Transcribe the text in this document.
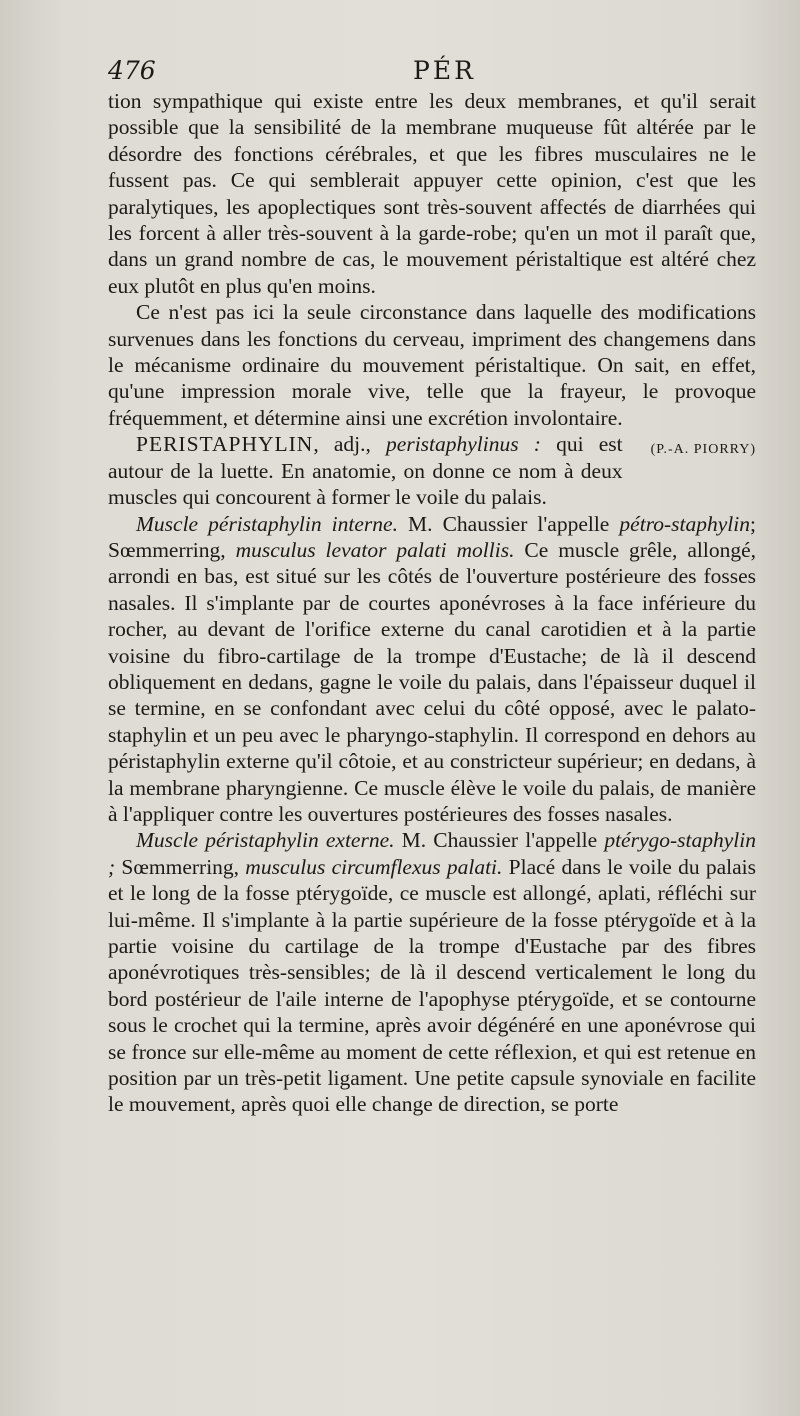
476	PÉR

tion sympathique qui existe entre les deux membranes, et qu'il serait possible que la sensibilité de la membrane muqueuse fût altérée par le désordre des fonctions cérébrales, et que les fibres musculaires ne le fussent pas. Ce qui semblerait appuyer cette opinion, c'est que les paralytiques, les apoplectiques sont très-souvent affectés de diarrhées qui les forcent à aller très-souvent à la garde-robe; qu'en un mot il paraît que, dans un grand nombre de cas, le mouvement péristaltique est altéré chez eux plutôt en plus qu'en moins.

Ce n'est pas ici la seule circonstance dans laquelle des modifications survenues dans les fonctions du cerveau, impriment des changemens dans le mécanisme ordinaire du mouvement péristaltique. On sait, en effet, qu'une impression morale vive, telle que la frayeur, le provoque fréquemment, et détermine ainsi une excrétion involontaire.
(P.-A. PIORRY)

PERISTAPHYLIN, adj., peristaphylinus : qui est autour de la luette. En anatomie, on donne ce nom à deux muscles qui concourent à former le voile du palais.

Muscle péristaphylin interne. M. Chaussier l'appelle pétro-staphylin; Sœmmerring, musculus levator palati mollis. Ce muscle grêle, allongé, arrondi en bas, est situé sur les côtés de l'ouverture postérieure des fosses nasales. Il s'implante par de courtes aponévroses à la face inférieure du rocher, au devant de l'orifice externe du canal carotidien et à la partie voisine du fibro-cartilage de la trompe d'Eustache; de là il descend obliquement en dedans, gagne le voile du palais, dans l'épaisseur duquel il se termine, en se confondant avec celui du côté opposé, avec le palato-staphylin et un peu avec le pharyngo-staphylin. Il correspond en dehors au péristaphylin externe qu'il côtoie, et au constricteur supérieur; en dedans, à la membrane pharyngienne. Ce muscle élève le voile du palais, de manière à l'appliquer contre les ouvertures postérieures des fosses nasales.

Muscle péristaphylin externe. M. Chaussier l'appelle ptérygo-staphylin ; Sœmmerring, musculus circumflexus palati. Placé dans le voile du palais et le long de la fosse ptérygoïde, ce muscle est allongé, aplati, réfléchi sur lui-même. Il s'implante à la partie supérieure de la fosse ptérygoïde et à la partie voisine du cartilage de la trompe d'Eustache par des fibres aponévrotiques très-sensibles; de là il descend verticalement le long du bord postérieur de l'aile interne de l'apophyse ptérygoïde, et se contourne sous le crochet qui la termine, après avoir dégénéré en une aponévrose qui se fronce sur elle-même au moment de cette réflexion, et qui est retenue en position par un très-petit ligament. Une petite capsule synoviale en facilite le mouvement, après quoi elle change de direction, se porte
